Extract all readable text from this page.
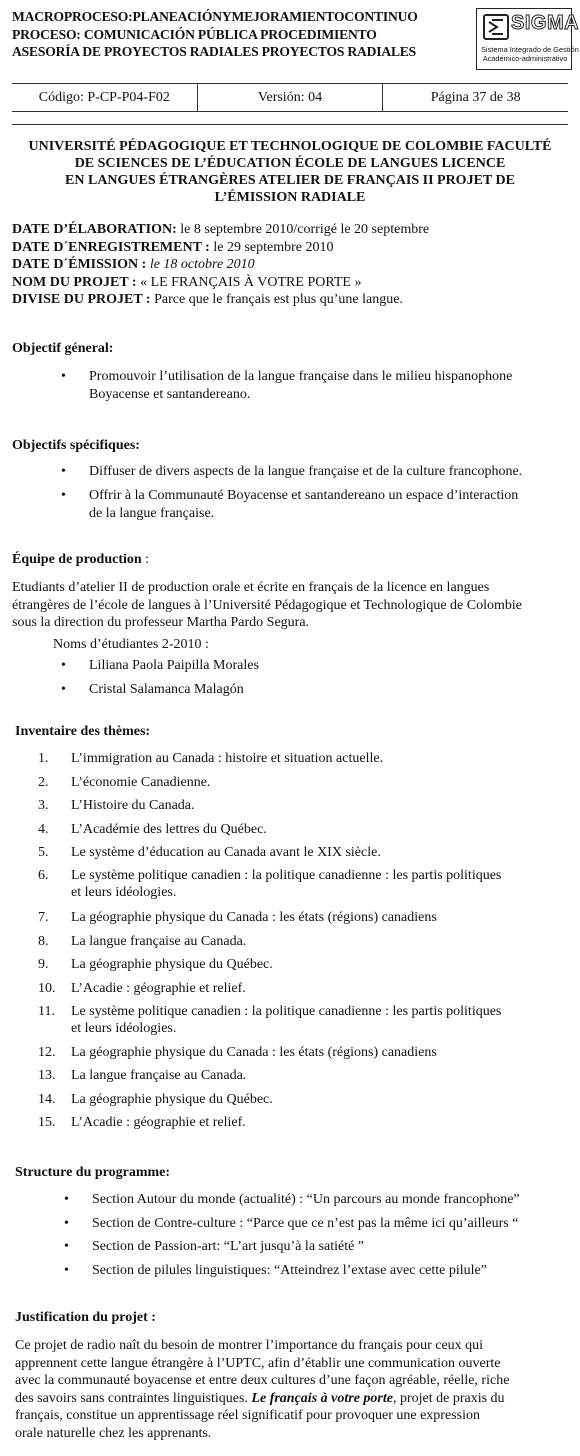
MACROPROCESO:PLANEACIÓNYMEJORAMIENTOCONTINUO
PROCESO: COMUNICACIÓN PÚBLICA PROCEDIMIENTO
ASESORÍA DE PROYECTOS RADIALES PROYECTOS RADIALES
SIGMA
Sistema Integrado de Gestión
Académico-administrativo
Código: P-CP-P04-F02	Versión: 04	Página 37 de 38
UNIVERSITÉ PÉDAGOGIQUE ET TECHNOLOGIQUE DE COLOMBIE FACULTÉ
DE SCIENCES DE L’ÉDUCATION ÉCOLE DE LANGUES LICENCE
EN LANGUES ÉTRANGÈRES ATELIER DE FRANÇAIS II PROJET DE
L’ÉMISSION RADIALE
DATE D’ÉLABORATION: le 8 septembre 2010/corrigé le 20 septembre
DATE D´ENREGISTREMENT : le 29 septembre 2010
DATE D´ÉMISSION : le 18 octobre 2010
NOM DU PROJET : « LE FRANÇAIS À VOTRE PORTE »
DIVISE DU PROJET : Parce que le français est plus qu’une langue.
Objectif géneral:
• Promouvoir l’utilisation de la langue française dans le milieu hispanophone
Boyacense et santandereano.
Objectifs spécifiques:
• Diffuser de divers aspects de la langue française et de la culture francophone.
• Offrir à la Communauté Boyacense et santandereano un espace d’interaction
de la langue française.
Équipe de production :
Etudiants d’atelier II de production orale et écrite en français de la licence en langues
étrangères de l’école de langues à l’Université Pédagogique et Technologique de Colombie
sous la direction du professeur Martha Pardo Segura.
Noms d’étudiantes 2-2010 :
• Liliana Paola Paipilla Morales
• Cristal Salamanca Malagón
Inventaire des thèmes:
1.	L’immigration au Canada : histoire et situation actuelle.
2.	L’économie Canadienne.
3.	L’Histoire du Canada.
4.	L’Académie des lettres du Québec.
5.	Le système d’éducation au Canada avant le XIX siècle.
6.	Le système politique canadien : la politique canadienne : les partis politiques
et leurs idéologies.
7.	La géographie physique du Canada : les états (régions) canadiens
8.	La langue française au Canada.
9.	La géographie physique du Québec.
10.	L’Acadie : géographie et relief.
11.	Le système politique canadien : la politique canadienne : les partis politiques
et leurs idéologies.
12.	La géographie physique du Canada : les états (régions) canadiens
13.	La langue française au Canada.
14.	La géographie physique du Québec.
15.	L’Acadie : géographie et relief.
Structure du programme:
• Section Autour du monde (actualité) : “Un parcours au monde francophone”
• Section de Contre-culture : “Parce que ce n’est pas la même ici qu’ailleurs “
• Section de Passion-art: “L’art jusqu’à la satiété ”
• Section de pilules linguistiques: “Atteindrez l’extase avec cette pilule”
Justification du projet :
Ce projet de radio naît du besoin de montrer l’importance du français pour ceux qui
apprennent cette langue étrangère à l’UPTC, afin d’établir une communication ouverte
avec la communauté boyacense et entre deux cultures d’une façon agréable, réelle, riche
des savoirs sans contraintes linguistiques. Le français à votre porte, projet de praxis du
français, constitue un apprentissage réel significatif pour provoquer une expression
orale naturelle chez les apprenants.
